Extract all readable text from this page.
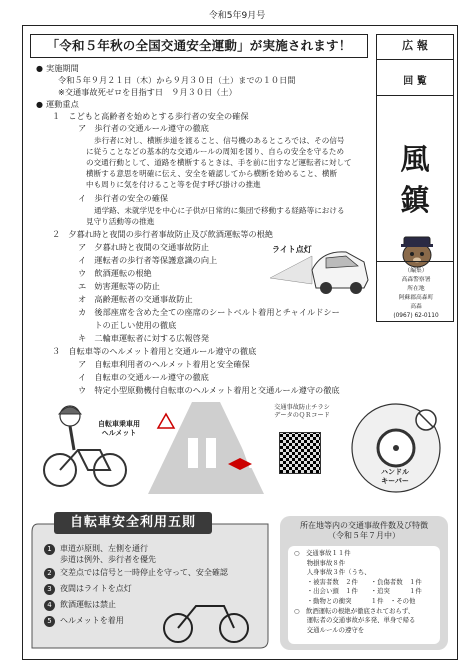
令和5年9月号
「令和５年秋の全国交通安全運動」が実施されます！	広 報
回 覧
風
鎮
（編集）
高森警察署
所在地
阿蘇郡高森町
高森
(0967) 62-0110
● 実施期間
令和５年９月２１日（木）から９月３０日（土）までの１０日間
※交通事故死ゼロを目指す日　９月３０日（土）
● 運動重点
１　こどもと高齢者を始めとする歩行者の安全の確保
ア　歩行者の交通ルール遵守の徹底
歩行者に対し、横断歩道を渡ること、信号機のあるところでは、その信号
に従うことなどの基本的な交通ルールの周知を図り、自らの安全を守るため
の交通行動として、道路を横断するときは、手を前に出すなど運転者に対して
横断する意思を明確に伝え、安全を確認してから横断を始めること、横断
中も周りに気を付けること等を促す呼び掛けの推進
イ　歩行者の安全の確保
通学路、未就学児を中心に子供が日常的に集団で移動する経路等における
見守り活動等の推進
２　夕暮れ時と夜間の歩行者事故防止及び飲酒運転等の根絶
ア　夕暮れ時と夜間の交通事故防止
イ　運転者の歩行者等保護意識の向上
ウ　飲酒運転の根絶
エ　妨害運転等の防止
オ　高齢運転者の交通事故防止
カ　後部座席を含めた全ての座席のシートベルト着用とチャイルドシー
　　トの正しい使用の徹底
キ　二輪車運転者に対する広報啓発
３　自転車等のヘルメット着用と交通ルール遵守の徹底
ア　自転車利用者のヘルメット着用と安全確保
イ　自転車の交通ルール遵守の徹底
ウ　特定小型原動機付自転車のヘルメット着用と交通ルール遵守の徹底
ライト点灯
自転車乗車用
ヘルメット
交通事故防止チラシ
データのＱＲコード
ハンドル
キーパー
自転車安全利用五則
1	車道が原則、左側を通行
歩道は例外、歩行者を優先
2	交差点では信号と一時停止を守って、安全確認
3	夜間はライトを点灯
4	飲酒運転は禁止
5	ヘルメットを着用
所在地等内の交通事故件数及び特徴
（令和５年７月中）
○　交通事故１１件
　　物損事故８件
　　人身事故３件（うち、
　　・被害者数　２件　　・負傷者数　１件
　　・出会い頭　１件　　・追突　　　１件
　　・動物との衝突　　　１件　・その他
○　飲酒運転の根絶が徹底されておらず、
　　運転者の交通事故が多発、単身で帰る
　　交通ルールの遵守を
